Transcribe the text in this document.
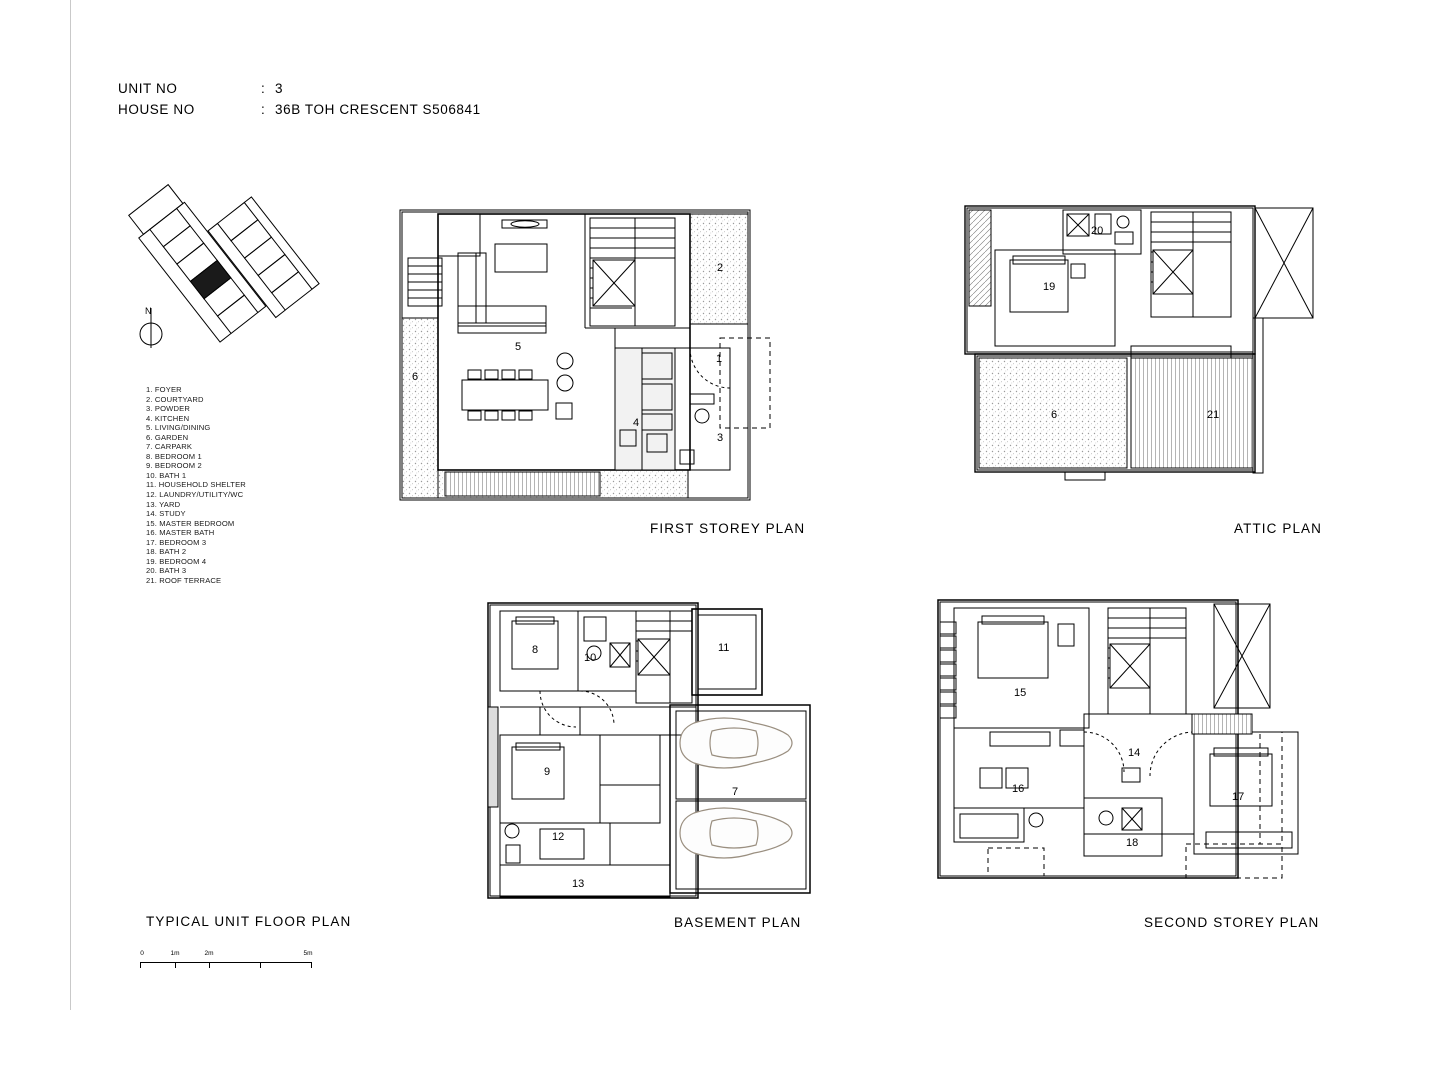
UNIT NO	: 3
HOUSE NO	: 36B TOH CRESCENT S506841
N
1. FOYER
2. COURTYARD
3. POWDER
4. KITCHEN
5. LIVING/DINING
6. GARDEN
7. CARPARK
8. BEDROOM 1
9. BEDROOM 2
10. BATH 1
11. HOUSEHOLD SHELTER
12. LAUNDRY/UTILITY/WC
13. YARD
14. STUDY
15. MASTER BEDROOM
16. MASTER BATH
17. BEDROOM 3
18. BATH 2
19. BEDROOM 4
20. BATH 3
21. ROOF TERRACE
5
6
2
1
3
4
19
20
6	21
8
10
11
9
12
13
7
15
16
14
18
17
TYPICAL UNIT FLOOR PLAN
FIRST STOREY PLAN	ATTIC PLAN
BASEMENT PLAN	SECOND STOREY PLAN
0	1m	2m	5m
